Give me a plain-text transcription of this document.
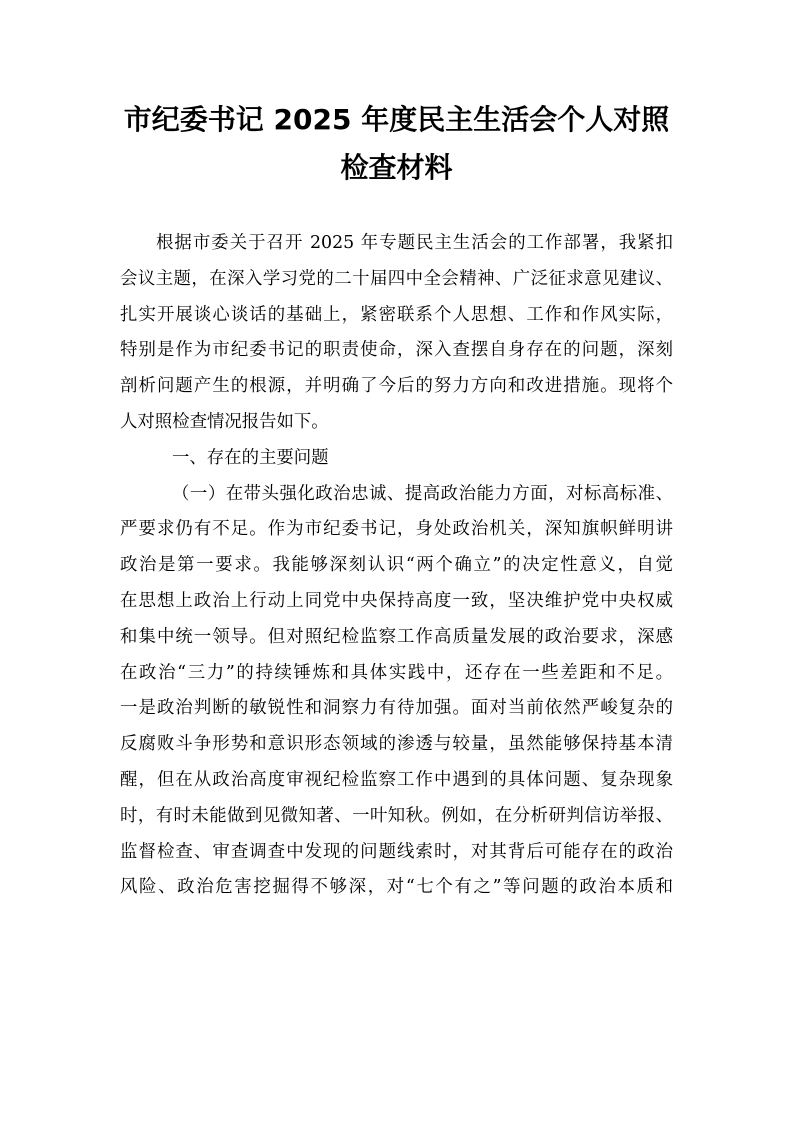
市纪委书记 2025 年度民主生活会个人对照
检查材料
根据市委关于召开 2025 年专题民主生活会的工作部署，我紧扣
会议主题，在深入学习党的二十届四中全会精神、广泛征求意见建议、
扎实开展谈心谈话的基础上，紧密联系个人思想、工作和作风实际，
特别是作为市纪委书记的职责使命，深入查摆自身存在的问题，深刻
剖析问题产生的根源，并明确了今后的努力方向和改进措施。现将个
人对照检查情况报告如下。
一、存在的主要问题
（一）在带头强化政治忠诚、提高政治能力方面，对标高标准、
严要求仍有不足。作为市纪委书记，身处政治机关，深知旗帜鲜明讲
政治是第一要求。我能够深刻认识“两个确立”的决定性意义，自觉
在思想上政治上行动上同党中央保持高度一致，坚决维护党中央权威
和集中统一领导。但对照纪检监察工作高质量发展的政治要求，深感
在政治“三力”的持续锤炼和具体实践中，还存在一些差距和不足。
一是政治判断的敏锐性和洞察力有待加强。面对当前依然严峻复杂的
反腐败斗争形势和意识形态领域的渗透与较量，虽然能够保持基本清
醒，但在从政治高度审视纪检监察工作中遇到的具体问题、复杂现象
时，有时未能做到见微知著、一叶知秋。例如，在分析研判信访举报、
监督检查、审查调查中发现的问题线索时，对其背后可能存在的政治
风险、政治危害挖掘得不够深，对“七个有之”等问题的政治本质和
